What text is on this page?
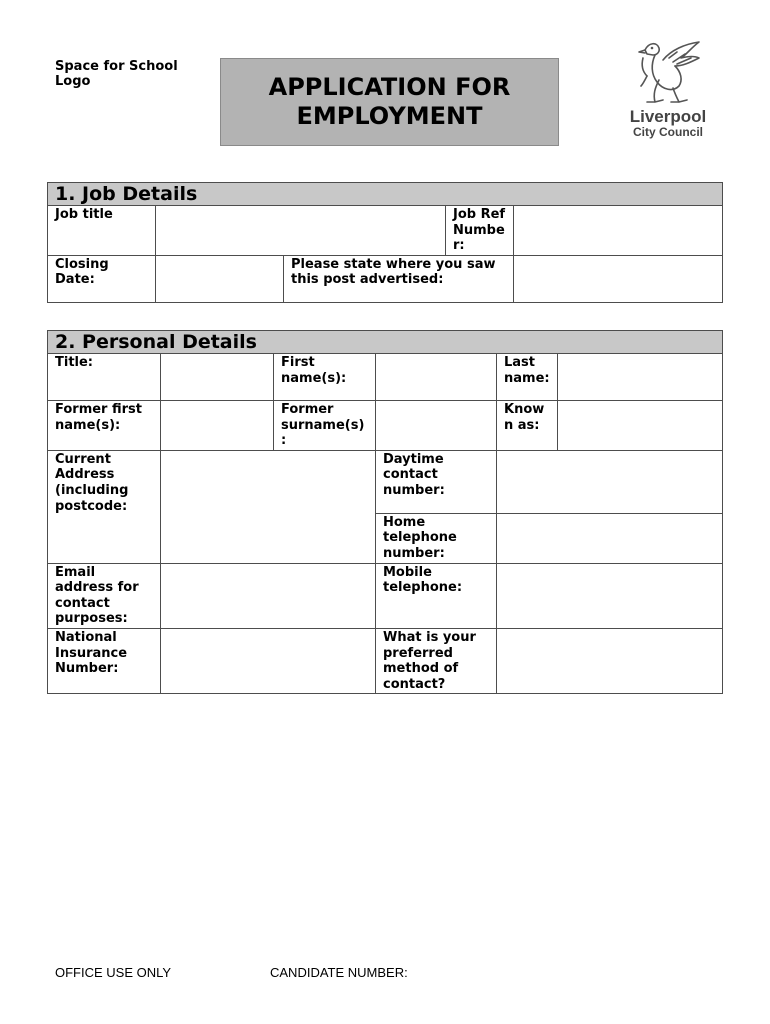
Space for School Logo	APPLICATION FOR
EMPLOYMENT	Liverpool
City Council
1. Job Details				
Job title			Job Ref Number:	
Closing Date:		Please state where you saw this post advertised:		
2. Personal Details					
Title:		First name(s):		Last name:	
Former first name(s):		Former surname(s):		Known as:	
Current Address (including postcode:			Daytime contact number:		
			Home telephone number:		
Email address for contact purposes:			Mobile telephone:		
National Insurance Number:			What is your preferred method of contact?		
OFFICE USE ONLY	CANDIDATE NUMBER:
